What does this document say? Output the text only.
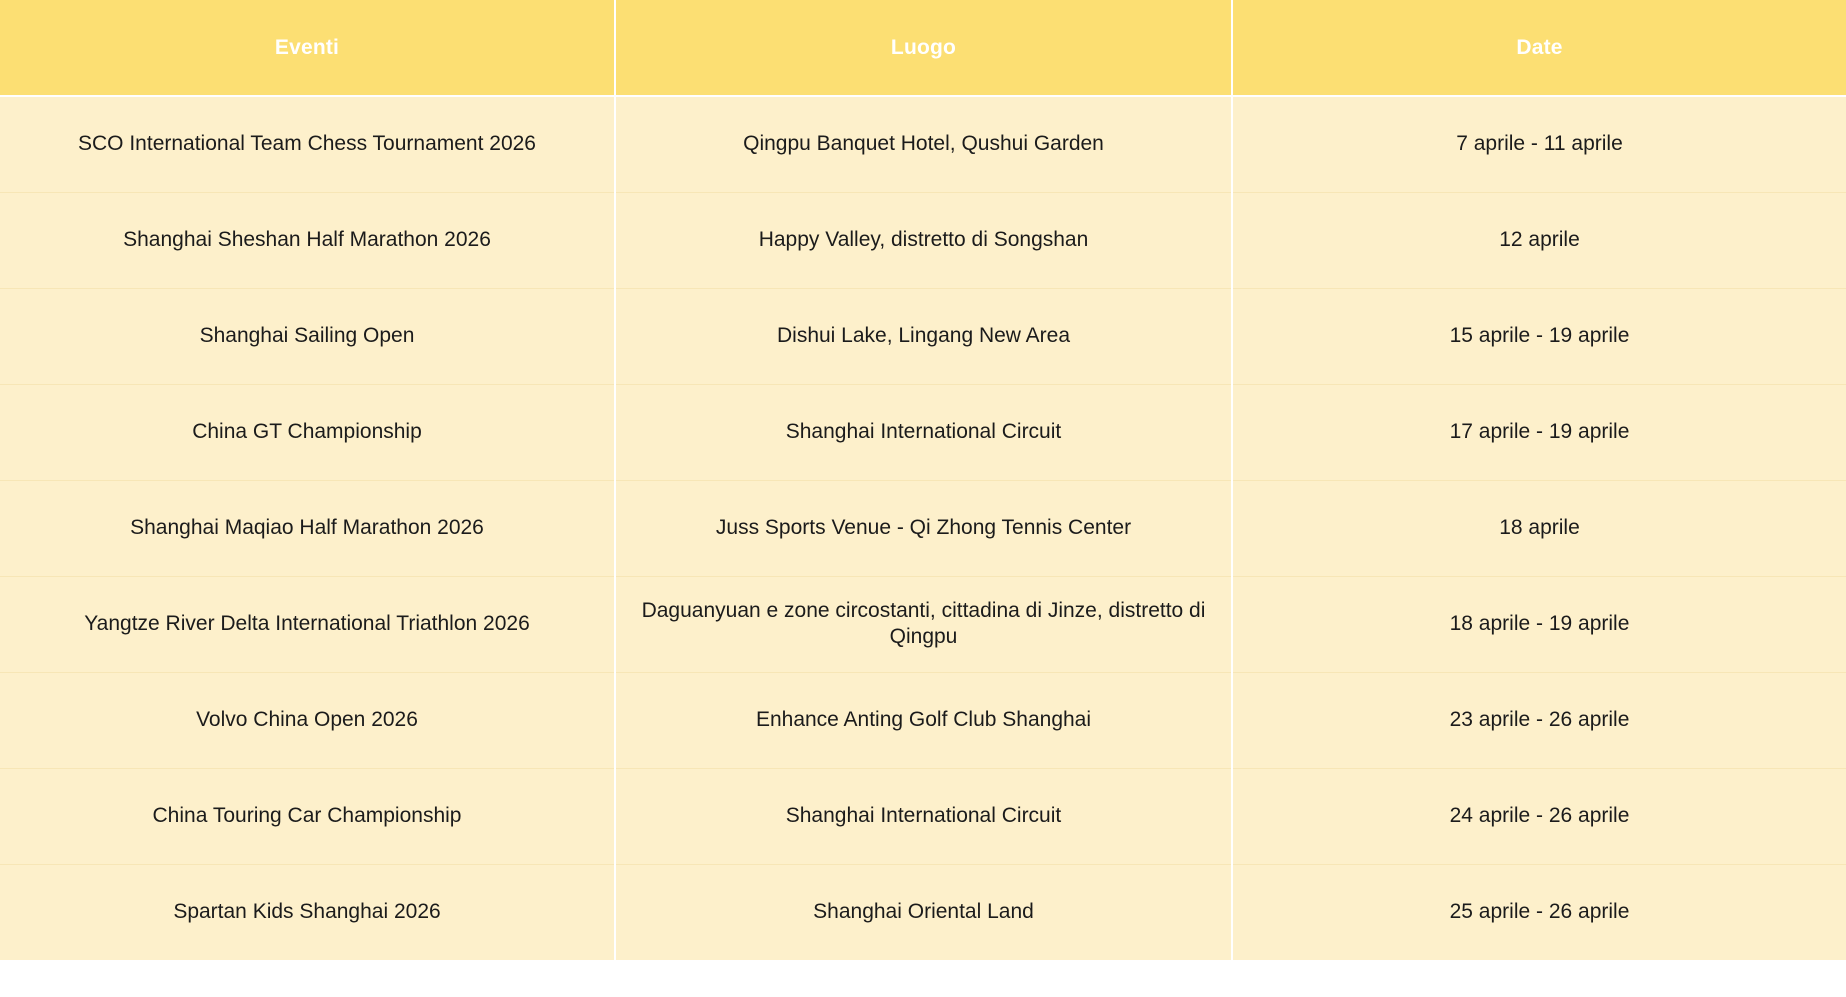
Eventi	Luogo	Date
SCO International Team Chess Tournament 2026	Qingpu Banquet Hotel, Qushui Garden	7 aprile - 11 aprile
Shanghai Sheshan Half Marathon 2026	Happy Valley, distretto di Songshan	12 aprile
Shanghai Sailing Open	Dishui Lake, Lingang New Area	15 aprile - 19 aprile
China GT Championship	Shanghai International Circuit	17 aprile - 19 aprile
Shanghai Maqiao Half Marathon 2026	Juss Sports Venue - Qi Zhong Tennis Center	18 aprile
Yangtze River Delta International Triathlon 2026	Daguanyuan e zone circostanti, cittadina di Jinze, distretto di Qingpu	18 aprile - 19 aprile
Volvo China Open 2026	Enhance Anting Golf Club Shanghai	23 aprile - 26 aprile
China Touring Car Championship	Shanghai International Circuit	24 aprile - 26 aprile
Spartan Kids Shanghai 2026	Shanghai Oriental Land	25 aprile - 26 aprile
